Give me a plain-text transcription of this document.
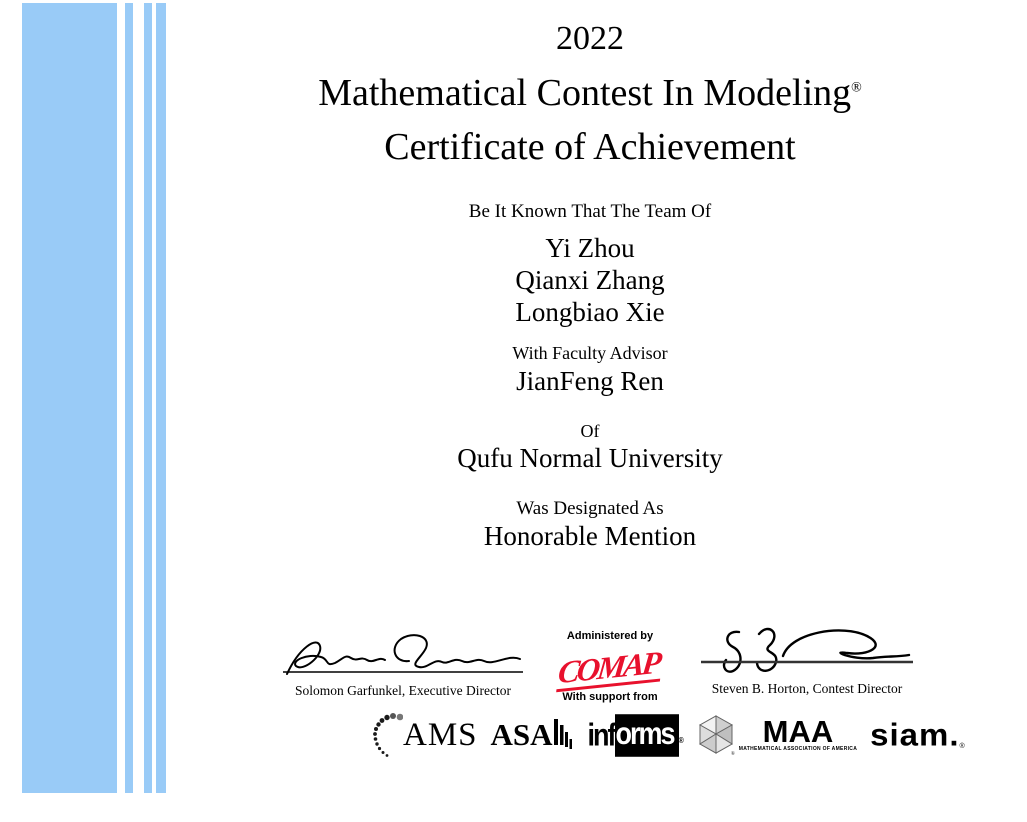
2022
Mathematical Contest In Modeling®
Certificate of Achievement
Be It Known That The Team Of
Yi Zhou
Qianxi Zhang
Longbiao Xie
With Faculty Advisor
JianFeng Ren
Of
Qufu Normal University
Was Designated As
Honorable Mention
Solomon Garfunkel, Executive Director
Administered by
COMAP
With support from
Steven B. Horton, Contest Director
AMS ASA inf orms ®
®
MAA
MATHEMATICAL ASSOCIATION OF AMERICA siam. ®
